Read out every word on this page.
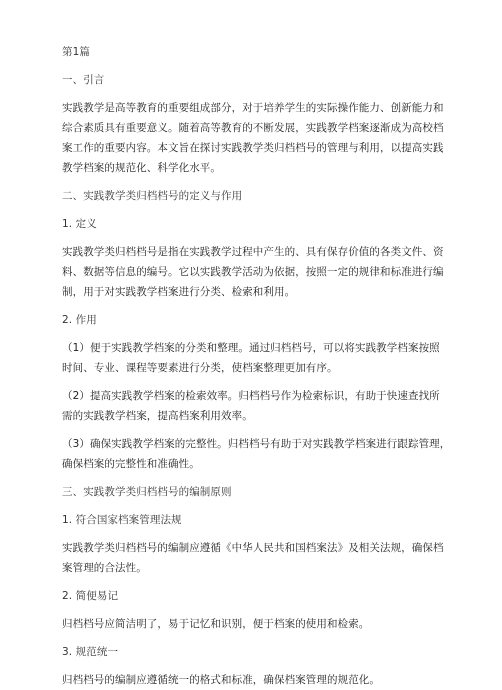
第1篇
一、引言
实践教学是高等教育的重要组成部分，对于培养学生的实际操作能力、创新能力和
综合素质具有重要意义。随着高等教育的不断发展，实践教学档案逐渐成为高校档
案工作的重要内容。本文旨在探讨实践教学类归档档号的管理与利用，以提高实践
教学档案的规范化、科学化水平。
二、实践教学类归档档号的定义与作用
1. 定义
实践教学类归档档号是指在实践教学过程中产生的、具有保存价值的各类文件、资
料、数据等信息的编号。它以实践教学活动为依据，按照一定的规律和标准进行编
制，用于对实践教学档案进行分类、检索和利用。
2. 作用
（1）便于实践教学档案的分类和整理。通过归档档号，可以将实践教学档案按照
时间、专业、课程等要素进行分类，使档案整理更加有序。
（2）提高实践教学档案的检索效率。归档档号作为检索标识，有助于快速查找所
需的实践教学档案，提高档案利用效率。
（3）确保实践教学档案的完整性。归档档号有助于对实践教学档案进行跟踪管理，
确保档案的完整性和准确性。
三、实践教学类归档档号的编制原则
1. 符合国家档案管理法规
实践教学类归档档号的编制应遵循《中华人民共和国档案法》及相关法规，确保档
案管理的合法性。
2. 简便易记
归档档号应简洁明了，易于记忆和识别，便于档案的使用和检索。
3. 规范统一
归档档号的编制应遵循统一的格式和标准，确保档案管理的规范化。
